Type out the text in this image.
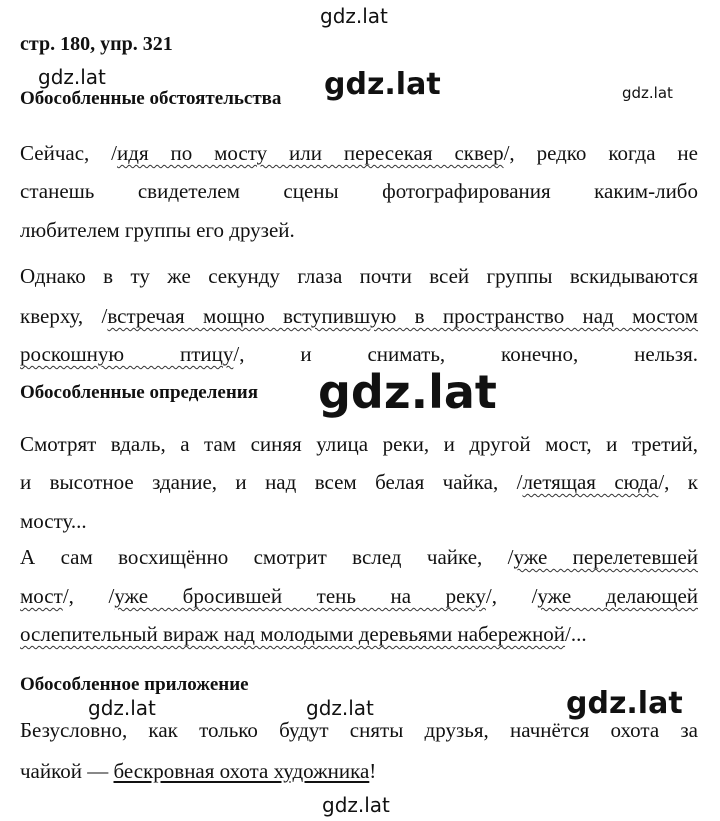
стр. 180, упр. 321
Обособленные обстоятельства
Сейчас, /идя по мосту или пересекая сквер/, редко когда не
станешь свидетелем сцены фотографирования каким-либо
любителем группы его друзей.
Однако в ту же секунду глаза почти всей группы вскидываются
кверху, /встречая мощно вступившую в пространство над мостом
роскошную птицу/, и снимать, конечно, нельзя.
Обособленные определения
Смотрят вдаль, а там синяя улица реки, и другой мост, и третий,
и высотное здание, и над всем белая чайка, /летящая сюда/, к
мосту...
А сам восхищённо смотрит вслед чайке, /уже перелетевшей
мост/, /уже бросившей тень на реку/, /уже делающей
ослепительный вираж над молодыми деревьями набережной/...
Обособленное приложение
Безусловно, как только будут сняты друзья, начнётся охота за
чайкой — бескровная охота художника!
gdz.lat
gdz.lat	gdz.lat	gdz.lat
gdz.lat
gdz.lat	gdz.lat	gdz.lat
gdz.lat
